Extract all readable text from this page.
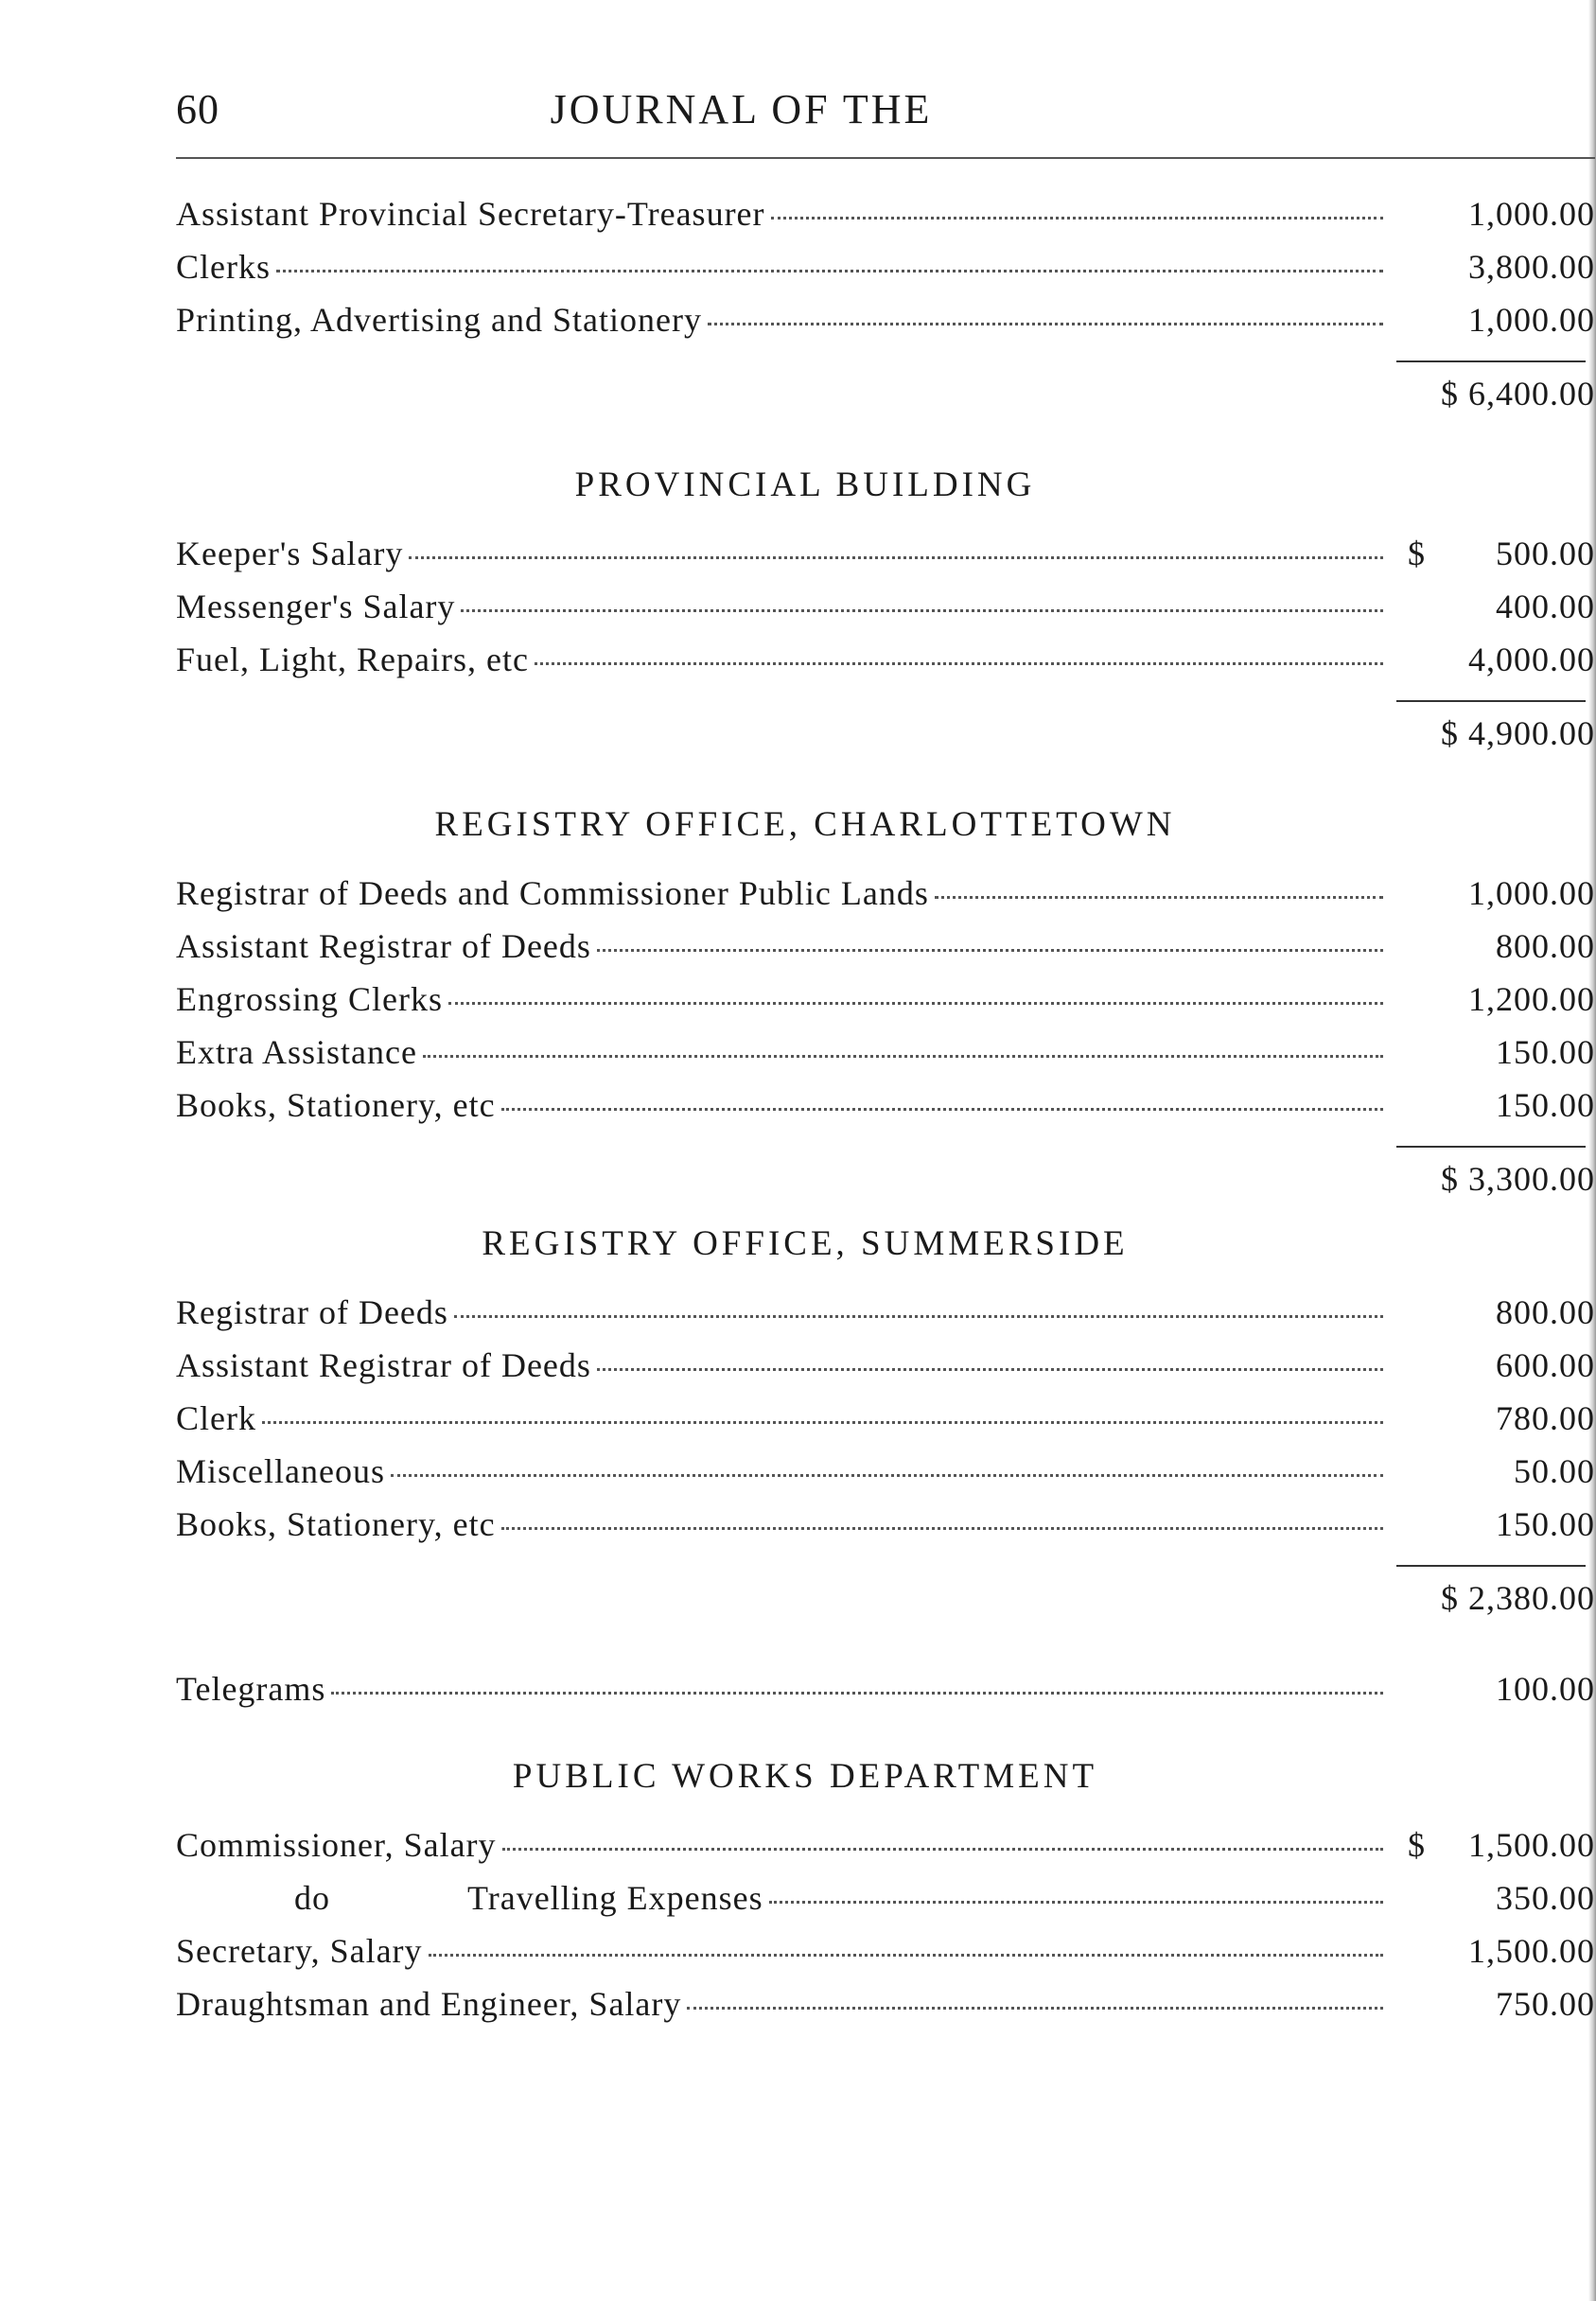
60	JOURNAL OF THE
Assistant Provincial Secretary-Treasurer	1,000.00
Clerks	3,800.00
Printing, Advertising and Stationery	1,000.00
$ 6,400.00
PROVINCIAL BUILDING
Keeper's Salary	$ 500.00
Messenger's Salary	400.00
Fuel, Light, Repairs, etc	4,000.00
$ 4,900.00
REGISTRY OFFICE, CHARLOTTETOWN
Registrar of Deeds and Commissioner Public Lands	1,000.00
Assistant Registrar of Deeds	800.00
Engrossing Clerks	1,200.00
Extra Assistance	150.00
Books, Stationery, etc	150.00
$ 3,300.00
REGISTRY OFFICE, SUMMERSIDE
Registrar of Deeds	800.00
Assistant Registrar of Deeds	600.00
Clerk	780.00
Miscellaneous	50.00
Books, Stationery, etc	150.00
$ 2,380.00
Telegrams	100.00
PUBLIC WORKS DEPARTMENT
Commissioner, Salary	$ 1,500.00
do	Travelling Expenses	350.00
Secretary, Salary	1,500.00
Draughtsman and Engineer, Salary	750.00
